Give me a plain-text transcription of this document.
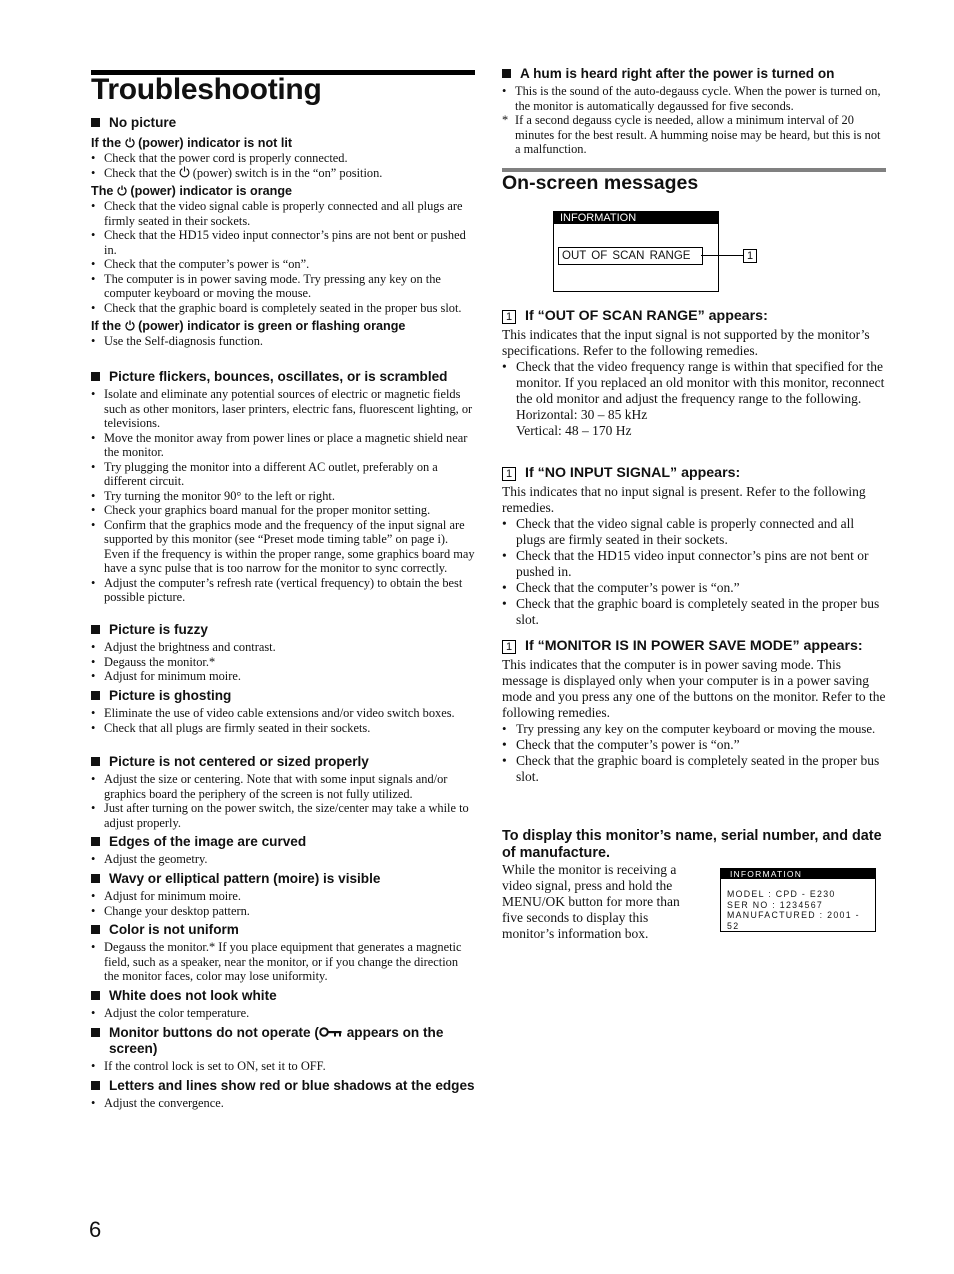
Troubleshooting
No picture
If the (power) indicator is not lit
• Check that the power cord is properly connected.
• Check that the (power) switch is in the “on” position.
The (power) indicator is orange
• Check that the video signal cable is properly connected and all plugs are firmly seated in their sockets.
• Check that the HD15 video input connector’s pins are not bent or pushed in.
• Check that the computer’s power is “on”.
• The computer is in power saving mode. Try pressing any key on the computer keyboard or moving the mouse.
• Check that the graphic board is completely seated in the proper bus slot.
If the (power) indicator is green or flashing orange
• Use the Self-diagnosis function.
Picture flickers, bounces, oscillates, or is scrambled
• Isolate and eliminate any potential sources of electric or magnetic fields such as other monitors, laser printers, electric fans, fluorescent lighting, or televisions.
• Move the monitor away from power lines or place a magnetic shield near the monitor.
• Try plugging the monitor into a different AC outlet, preferably on a different circuit.
• Try turning the monitor 90° to the left or right.
• Check your graphics board manual for the proper monitor setting.
• Confirm that the graphics mode and the frequency of the input signal are supported by this monitor (see “Preset mode timing table” on page i). Even if the frequency is within the proper range, some graphics board may have a sync pulse that is too narrow for the monitor to sync correctly.
• Adjust the computer’s refresh rate (vertical frequency) to obtain the best possible picture.
Picture is fuzzy
• Adjust the brightness and contrast.
• Degauss the monitor.*
• Adjust for minimum moire.
Picture is ghosting
• Eliminate the use of video cable extensions and/or video switch boxes.
• Check that all plugs are firmly seated in their sockets.
Picture is not centered or sized properly
• Adjust the size or centering. Note that with some input signals and/or graphics board the periphery of the screen is not fully utilized.
• Just after turning on the power switch, the size/center may take a while to adjust properly.
Edges of the image are curved
• Adjust the geometry.
Wavy or elliptical pattern (moire) is visible
• Adjust for minimum moire.
• Change your desktop pattern.
Color is not uniform
• Degauss the monitor.* If you place equipment that generates a magnetic field, such as a speaker, near the monitor, or if you change the direction the monitor faces, color may lose uniformity.
White does not look white
• Adjust the color temperature.
Monitor buttons do not operate ( appears on the screen)
• If the control lock is set to ON, set it to OFF.
Letters and lines show red or blue shadows at the edges
• Adjust the convergence.
A hum is heard right after the power is turned on
• This is the sound of the auto-degauss cycle. When the power is turned on, the monitor is automatically degaussed for five seconds.
* If a second degauss cycle is needed, allow a minimum interval of 20 minutes for the best result. A humming noise may be heard, but this is not a malfunction.
On-screen messages
INFORMATION
OUT OF SCAN RANGE	1
1 If “OUT OF SCAN RANGE” appears:

This indicates that the input signal is not supported by the monitor’s specifications. Refer to the following remedies.

• Check that the video frequency range is within that specified for the monitor. If you replaced an old monitor with this monitor, reconnect the old monitor and adjust the frequency range to the following.
Horizontal: 30 – 85 kHz
Vertical: 48 – 170 Hz
1 If “NO INPUT SIGNAL” appears:

This indicates that no input signal is present. Refer to the following remedies.

• Check that the video signal cable is properly connected and all plugs are firmly seated in their sockets.
• Check that the HD15 video input connector’s pins are not bent or pushed in.
• Check that the computer’s power is “on.”
• Check that the graphic board is completely seated in the proper bus slot.
1 If “MONITOR IS IN POWER SAVE MODE” appears:

This indicates that the computer is in power saving mode. This message is displayed only when your computer is in a power saving mode and you press any one of the buttons on the monitor. Refer to the following remedies.

• Try pressing any key on the computer keyboard or moving the mouse.
• Check that the computer’s power is “on.”
• Check that the graphic board is completely seated in the proper bus slot.
To display this monitor’s name, serial number, and date of manufacture.

While the monitor is receiving a video signal, press and hold the MENU/OK button for more than five seconds to display this monitor’s information box.

INFORMATION
MODEL : CPD - E230
SER NO : 1234567
MANUFACTURED : 2001 - 52
6
